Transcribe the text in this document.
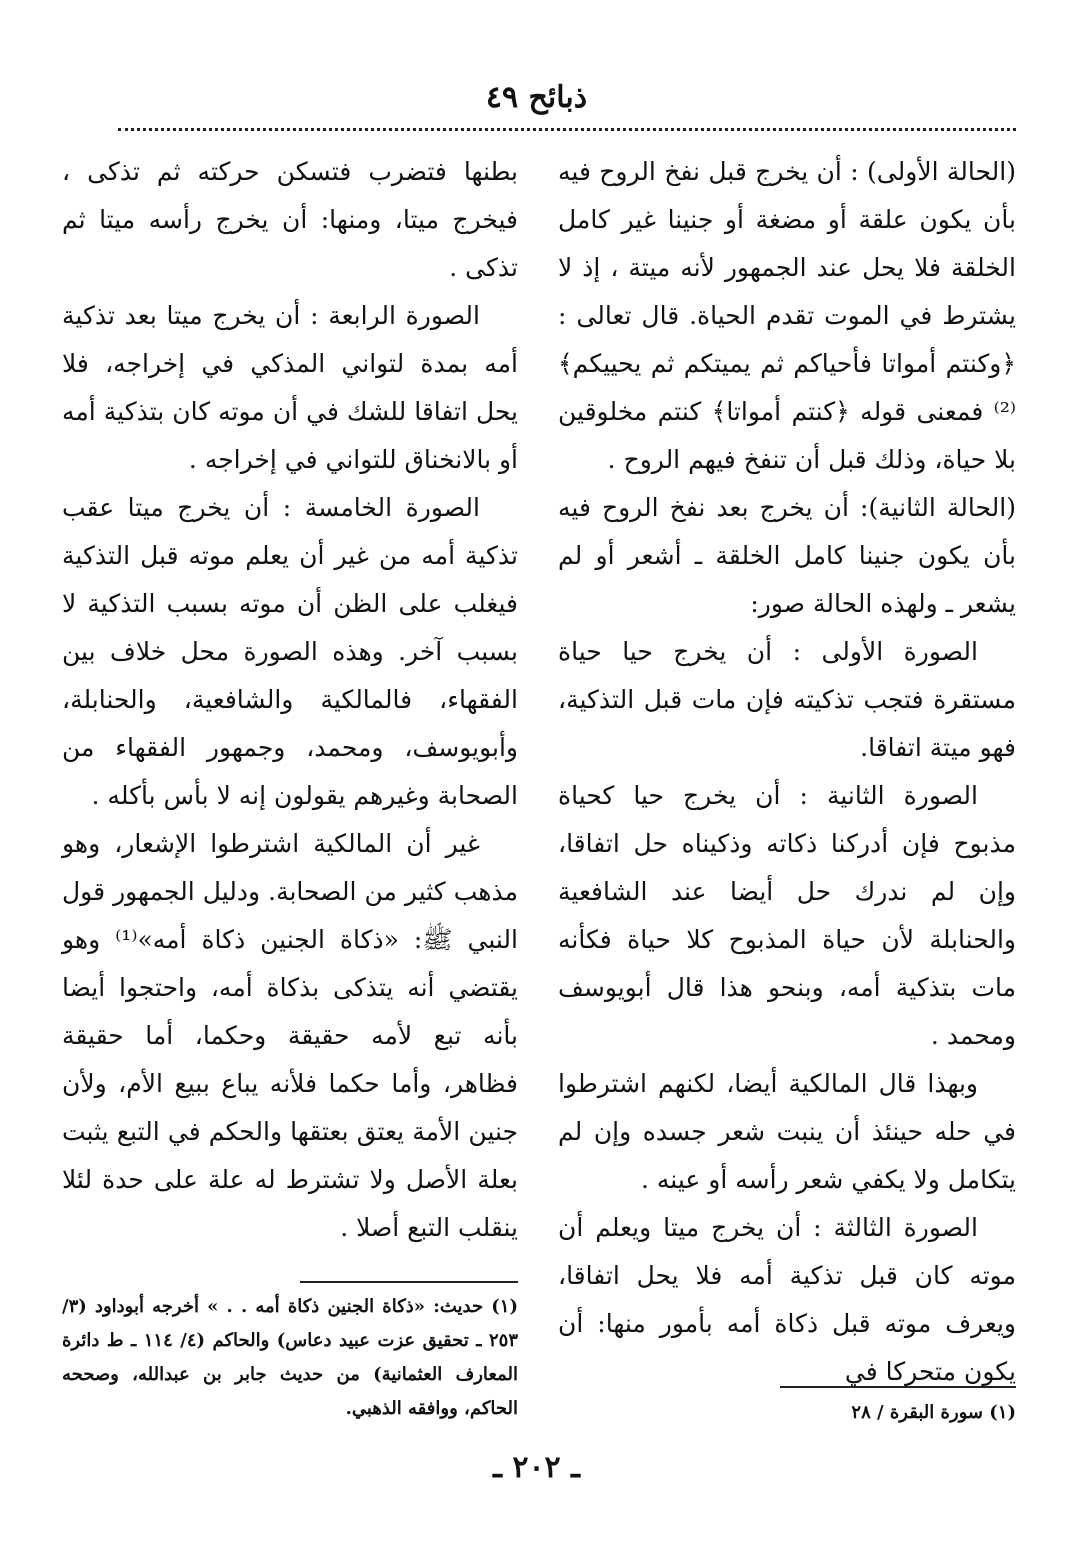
ذبائح ٤٩

(الحالة الأولى) : أن يخرج قبل نفخ الروح فيه بأن يكون علقة أو مضغة أو جنينا غير كامل الخلقة فلا يحل عند الجمهور لأنه ميتة ، إذ لا يشترط في الموت تقدم الحياة. قال تعالى : ﴿وكنتم أمواتا فأحياكم ثم يميتكم ثم يحييكم﴾⁽²⁾ فمعنى قوله ﴿كنتم أمواتا﴾ كنتم مخلوقين بلا حياة، وذلك قبل أن تنفخ فيهم الروح .

(الحالة الثانية): أن يخرج بعد نفخ الروح فيه بأن يكون جنينا كامل الخلقة ـ أشعر أو لم يشعر ـ ولهذه الحالة صور:

الصورة الأولى : أن يخرج حيا حياة مستقرة فتجب تذكيته فإن مات قبل التذكية، فهو ميتة اتفاقا.

الصورة الثانية : أن يخرج حيا كحياة مذبوح فإن أدركنا ذكاته وذكيناه حل اتفاقا، وإن لم ندرك حل أيضا عند الشافعية والحنابلة لأن حياة المذبوح كلا حياة فكأنه مات بتذكية أمه، وبنحو هذا قال أبويوسف ومحمد .

وبهذا قال المالكية أيضا، لكنهم اشترطوا في حله حينئذ أن ينبت شعر جسده وإن لم يتكامل ولا يكفي شعر رأسه أو عينه .

الصورة الثالثة : أن يخرج ميتا ويعلم أن موته كان قبل تذكية أمه فلا يحل اتفاقا، ويعرف موته قبل ذكاة أمه بأمور منها: أن يكون متحركا في

بطنها فتضرب فتسكن حركته ثم تذكى ، فيخرج ميتا، ومنها: أن يخرج رأسه ميتا ثم تذكى .

الصورة الرابعة : أن يخرج ميتا بعد تذكية أمه بمدة لتواني المذكي في إخراجه، فلا يحل اتفاقا للشك في أن موته كان بتذكية أمه أو بالانخناق للتواني في إخراجه .

الصورة الخامسة : أن يخرج ميتا عقب تذكية أمه من غير أن يعلم موته قبل التذكية فيغلب على الظن أن موته بسبب التذكية لا بسبب آخر. وهذه الصورة محل خلاف بين الفقهاء، فالمالكية والشافعية، والحنابلة، وأبويوسف، ومحمد، وجمهور الفقهاء من الصحابة وغيرهم يقولون إنه لا بأس بأكله .

غير أن المالكية اشترطوا الإشعار، وهو مذهب كثير من الصحابة. ودليل الجمهور قول النبي ﷺ: «ذكاة الجنين ذكاة أمه»⁽¹⁾ وهو يقتضي أنه يتذكى بذكاة أمه، واحتجوا أيضا بأنه تبع لأمه حقيقة وحكما، أما حقيقة فظاهر، وأما حكما فلأنه يباع ببيع الأم، ولأن جنين الأمة يعتق بعتقها والحكم في التبع يثبت بعلة الأصل ولا تشترط له علة على حدة لئلا ينقلب التبع أصلا .

(١) حديث: «ذكاة الجنين ذكاة أمه . . » أخرجه أبوداود (٣/ ٢٥٣ ـ تحقيق عزت عبيد دعاس) والحاكم (٤/ ١١٤ ـ ط دائرة المعارف العثمانية) من حديث جابر بن عبدالله، وصححه الحاكم، ووافقه الذهبي.	(١) سورة البقرة / ٢٨
ـ ٢٠٢ ـ
